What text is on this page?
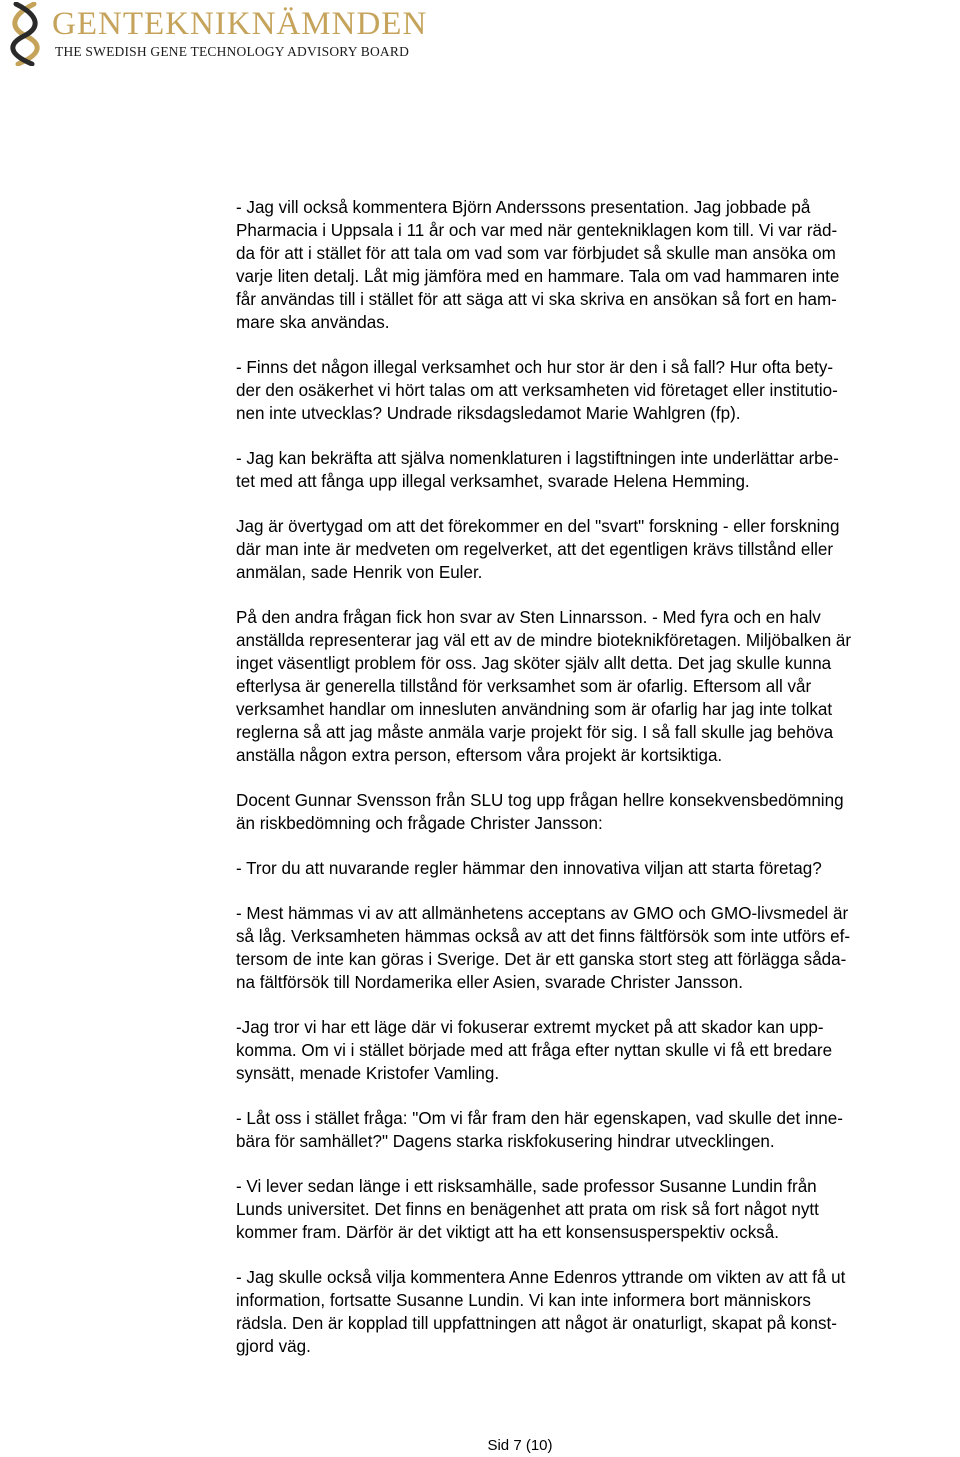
GENTEKNIKNÄMNDEN
THE SWEDISH GENE TECHNOLOGY ADVISORY BOARD

- Jag vill också kommentera Björn Anderssons presentation. Jag jobbade på
Pharmacia i Uppsala i 11 år och var med när gentekniklagen kom till. Vi var räd-
da för att i stället för att tala om vad som var förbjudet så skulle man ansöka om
varje liten detalj. Låt mig jämföra med en hammare. Tala om vad hammaren inte
får användas till i stället för att säga att vi ska skriva en ansökan så fort en ham-
mare ska användas.

- Finns det någon illegal verksamhet och hur stor är den i så fall? Hur ofta bety-
der den osäkerhet vi hört talas om att verksamheten vid företaget eller institutio-
nen inte utvecklas? Undrade riksdagsledamot Marie Wahlgren (fp).

- Jag kan bekräfta att själva nomenklaturen i lagstiftningen inte underlättar arbe-
tet med att fånga upp illegal verksamhet, svarade Helena Hemming.

Jag är övertygad om att det förekommer en del "svart" forskning - eller forskning
där man inte är medveten om regelverket, att det egentligen krävs tillstånd eller
anmälan, sade Henrik von Euler.

På den andra frågan fick hon svar av Sten Linnarsson. - Med fyra och en halv
anställda representerar jag väl ett av de mindre bioteknikföretagen. Miljöbalken är
inget väsentligt problem för oss. Jag sköter själv allt detta. Det jag skulle kunna
efterlysa är generella tillstånd för verksamhet som är ofarlig. Eftersom all vår
verksamhet handlar om innesluten användning som är ofarlig har jag inte tolkat
reglerna så att jag måste anmäla varje projekt för sig. I så fall skulle jag behöva
anställa någon extra person, eftersom våra projekt är kortsiktiga.

Docent Gunnar Svensson från SLU tog upp frågan hellre konsekvensbedömning
än riskbedömning och frågade Christer Jansson:

- Tror du att nuvarande regler hämmar den innovativa viljan att starta företag?

- Mest hämmas vi av att allmänhetens acceptans av GMO och GMO-livsmedel är
så låg. Verksamheten hämmas också av att det finns fältförsök som inte utförs ef-
tersom de inte kan göras i Sverige. Det är ett ganska stort steg att förlägga såda-
na fältförsök till Nordamerika eller Asien, svarade Christer Jansson.

-Jag tror vi har ett läge där vi fokuserar extremt mycket på att skador kan upp-
komma. Om vi i stället började med att fråga efter nyttan skulle vi få ett bredare
synsätt, menade Kristofer Vamling.

- Låt oss i stället fråga: "Om vi får fram den här egenskapen, vad skulle det inne-
bära för samhället?" Dagens starka riskfokusering hindrar utvecklingen.

- Vi lever sedan länge i ett risksamhälle, sade professor Susanne Lundin från
Lunds universitet. Det finns en benägenhet att prata om risk så fort något nytt
kommer fram. Därför är det viktigt att ha ett konsensusperspektiv också.

- Jag skulle också vilja kommentera Anne Edenros yttrande om vikten av att få ut
information, fortsatte Susanne Lundin. Vi kan inte informera bort människors
rädsla. Den är kopplad till uppfattningen att något är onaturligt, skapat på konst-
gjord väg.

Sid 7 (10)
